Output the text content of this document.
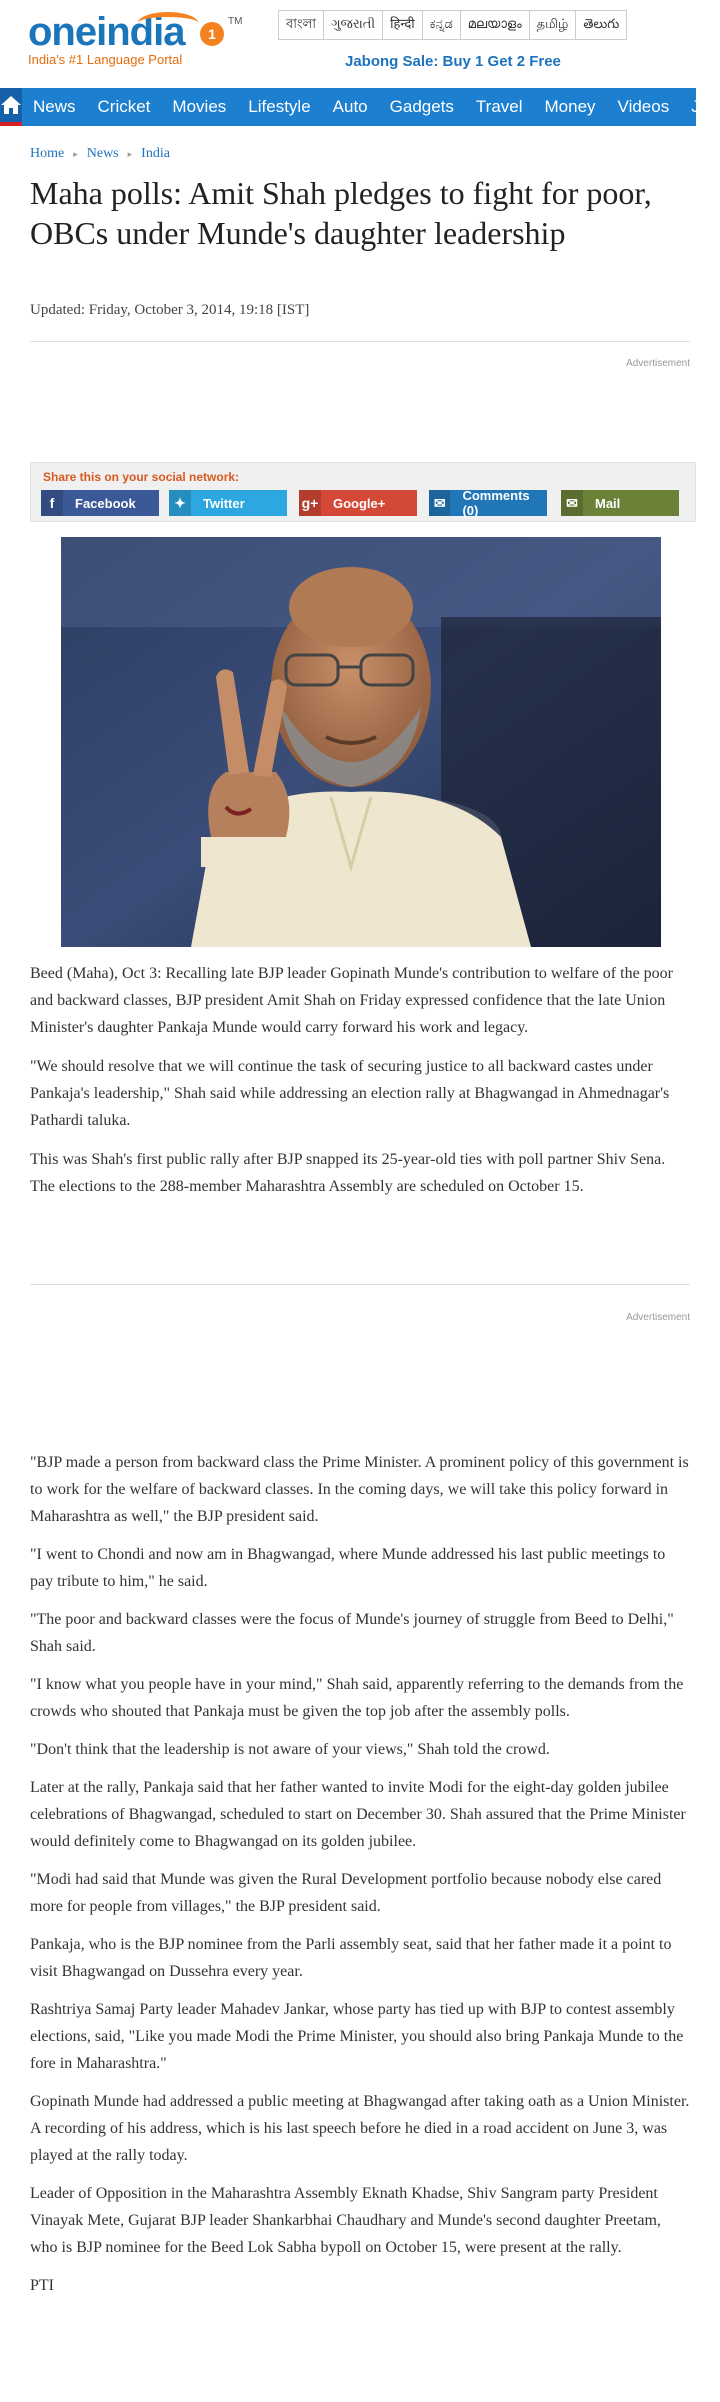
oneindia	1
TM
India's #1 Language Portal
বাংলা	ગુજરાતી	हिन्दी	ಕನ್ನಡ	മലയാളം	தமிழ்	తెలుగు
Jabong Sale: Buy 1 Get 2 Free
News	Cricket	Movies	Lifestyle	Auto	Gadgets	Travel	Money	Videos	Jo
Home ▸ News ▸ India
Maha polls: Amit Shah pledges to fight for poor, OBCs under Munde's daughter leadership
Updated: Friday, October 3, 2014, 19:18 [IST]
Advertisement
Share this on your social network:
f	Facebook	✦	Twitter	g+ Google+	✉	Comments (0)	✉	Mail

Beed (Maha), Oct 3: Recalling late BJP leader Gopinath Munde's contribution to welfare of the poor and backward classes, BJP president Amit Shah on Friday expressed confidence that the late Union Minister's daughter Pankaja Munde would carry forward his work and legacy.

"We should resolve that we will continue the task of securing justice to all backward castes under Pankaja's leadership," Shah said while addressing an election rally at Bhagwangad in Ahmednagar's Pathardi taluka.

This was Shah's first public rally after BJP snapped its 25-year-old ties with poll partner Shiv Sena. The elections to the 288-member Maharashtra Assembly are scheduled on October 15.

Advertisement

"BJP made a person from backward class the Prime Minister. A prominent policy of this government is to work for the welfare of backward classes. In the coming days, we will take this policy forward in Maharashtra as well," the BJP president said.

"I went to Chondi and now am in Bhagwangad, where Munde addressed his last public meetings to pay tribute to him," he said.

"The poor and backward classes were the focus of Munde's journey of struggle from Beed to Delhi," Shah said.

"I know what you people have in your mind," Shah said, apparently referring to the demands from the crowds who shouted that Pankaja must be given the top job after the assembly polls.

"Don't think that the leadership is not aware of your views," Shah told the crowd.

Later at the rally, Pankaja said that her father wanted to invite Modi for the eight-day golden jubilee celebrations of Bhagwangad, scheduled to start on December 30. Shah assured that the Prime Minister would definitely come to Bhagwangad on its golden jubilee.

"Modi had said that Munde was given the Rural Development portfolio because nobody else cared more for people from villages," the BJP president said.

Pankaja, who is the BJP nominee from the Parli assembly seat, said that her father made it a point to visit Bhagwangad on Dussehra every year.

Rashtriya Samaj Party leader Mahadev Jankar, whose party has tied up with BJP to contest assembly elections, said, "Like you made Modi the Prime Minister, you should also bring Pankaja Munde to the fore in Maharashtra."

Gopinath Munde had addressed a public meeting at Bhagwangad after taking oath as a Union Minister. A recording of his address, which is his last speech before he died in a road accident on June 3, was played at the rally today.

Leader of Opposition in the Maharashtra Assembly Eknath Khadse, Shiv Sangram party President Vinayak Mete, Gujarat BJP leader Shankarbhai Chaudhary and Munde's second daughter Preetam, who is BJP nominee for the Beed Lok Sabha bypoll on October 15, were present at the rally.

PTI
